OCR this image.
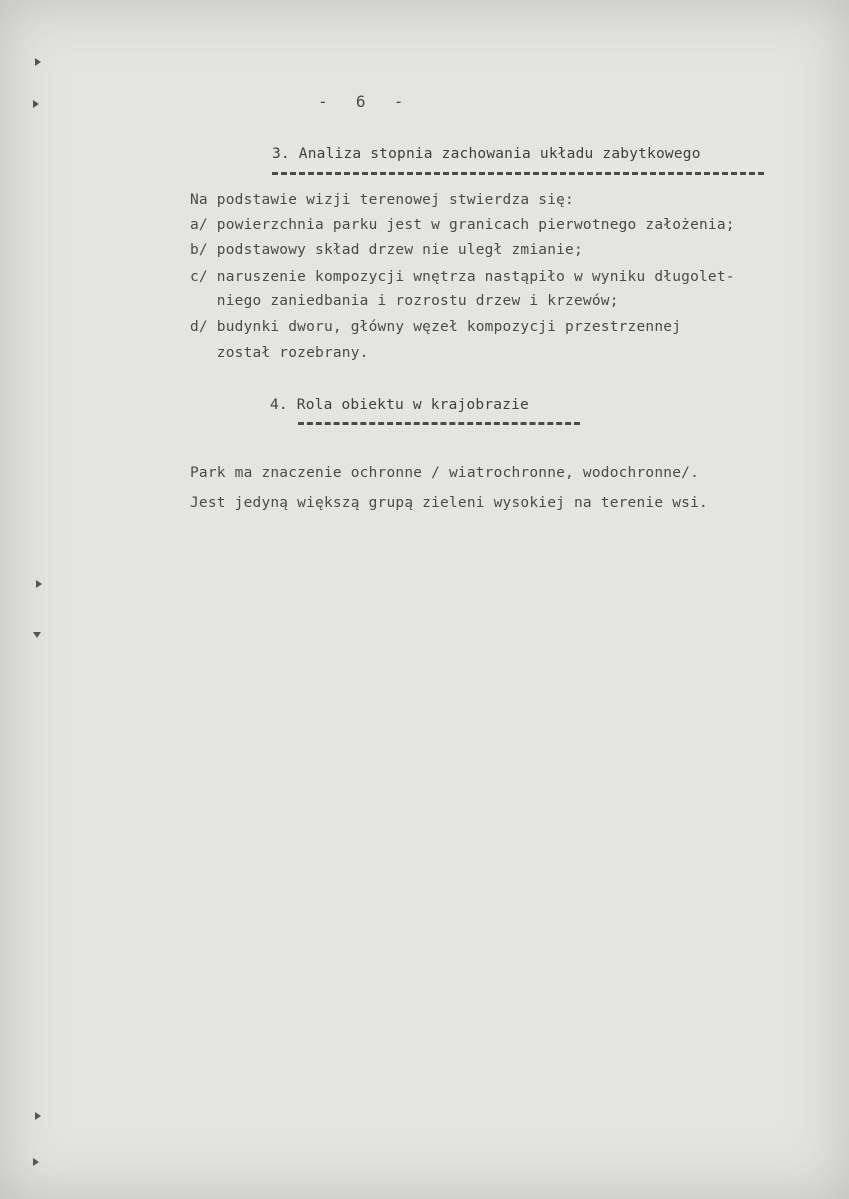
-  6  -
3. Analiza stopnia zachowania układu zabytkowego
Na podstawie wizji terenowej stwierdza się:
a/ powierzchnia parku jest w granicach pierwotnego założenia;
b/ podstawowy skład drzew nie uległ zmianie;
c/ naruszenie kompozycji wnętrza nastąpiło w wyniku długolet-
niego zaniedbania i rozrostu drzew i krzewów;
d/ budynki dworu, główny węzeł kompozycji przestrzennej
został rozebrany.
4. Rola obiektu w krajobrazie
Park ma znaczenie ochronne / wiatrochronne, wodochronne/.
Jest jedyną większą grupą zieleni wysokiej na terenie wsi.
